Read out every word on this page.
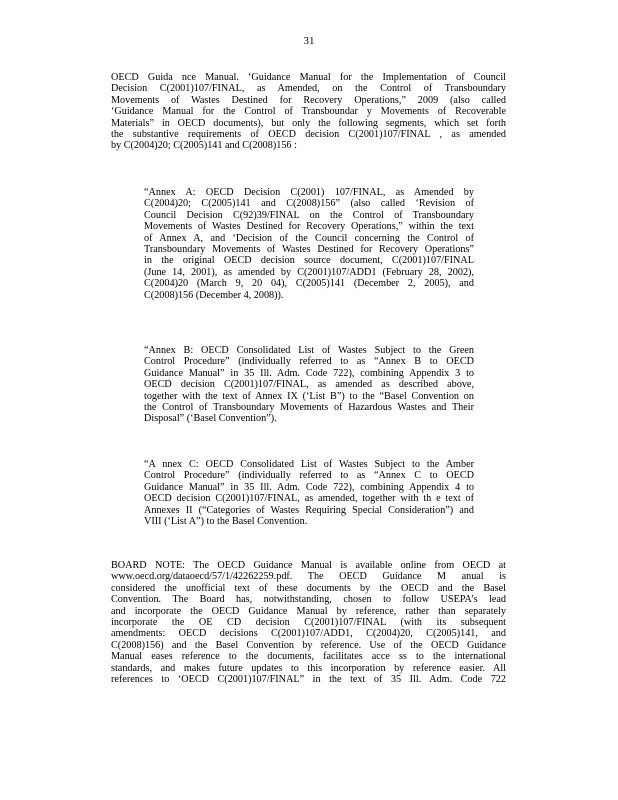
31
OECD Guida nce Manual. ‘Guidance Manual for the Implementation of Council
Decision C(2001)107/FINAL, as Amended, on the Control of Transboundary
Movements of Wastes Destined for Recovery Operations,” 2009 (also called
‘Guidance Manual for the Control of Transboundar y Movements of Recoverable
Materials” in OECD documents), but only the following segments, which set forth
the substantive requirements of OECD decision C(2001)107/FINAL , as amended
by C(2004)20; C(2005)141 and C(2008)156 :
“Annex A: OECD Decision C(2001) 107/FINAL, as Amended by
C(2004)20; C(2005)141 and C(2008)156” (also called ‘Revision of
Council Decision C(92)39/FINAL on the Control of Transboundary
Movements of Wastes Destined for Recovery Operations,” within the text
of Annex A, and ‘Decision of the Council concerning the Control of
Transboundary Movements of Wastes Destined for Recovery Operations”
in the original OECD decision source document, C(2001)107/FINAL
(June 14, 2001), as amended by C(2001)107/ADD1 (February 28, 2002),
C(2004)20 (March 9, 20 04), C(2005)141 (December 2, 2005), and
C(2008)156 (December 4, 2008)).
“Annex B: OECD Consolidated List of Wastes Subject to the Green
Control Procedure” (individually referred to as “Annex B to OECD
Guidance Manual” in 35 Ill. Adm. Code 722), combining Appendix 3 to
OECD decision C(2001)107/FINAL, as amended as described above,
together with the text of Annex IX (‘List B”) to the “Basel Convention on
the Control of Transboundary Movements of Hazardous Wastes and Their
Disposal” (‘Basel Convention”).
“A nnex C: OECD Consolidated List of Wastes Subject to the Amber
Control Procedure” (individually referred to as “Annex C to OECD
Guidance Manual” in 35 Ill. Adm. Code 722), combining Appendix 4 to
OECD decision C(2001)107/FINAL, as amended, together with th e text of
Annexes II (“Categories of Wastes Requiring Special Consideration”) and
VIII (‘List A”) to the Basel Convention.
BOARD NOTE: The OECD Guidance Manual is available online from OECD at
www.oecd.org/dataoecd/57/1/42262259.pdf. The OECD Guidance M anual is
considered the unofficial text of these documents by the OECD and the Basel
Convention. The Board has, notwithstanding, chosen to follow USEPA’s lead
and incorporate the OECD Guidance Manual by reference, rather than separately
incorporate the OE CD decision C(2001)107/FINAL (with its subsequent
amendments: OECD decisions C(2001)107/ADD1, C(2004)20, C(2005)141, and
C(2008)156) and the Basel Convention by reference. Use of the OECD Guidance
Manual eases reference to the documents, facilitates acce ss to the international
standards, and makes future updates to this incorporation by reference easier. All
references to ‘OECD C(2001)107/FINAL” in the text of 35 Ill. Adm. Code 722
